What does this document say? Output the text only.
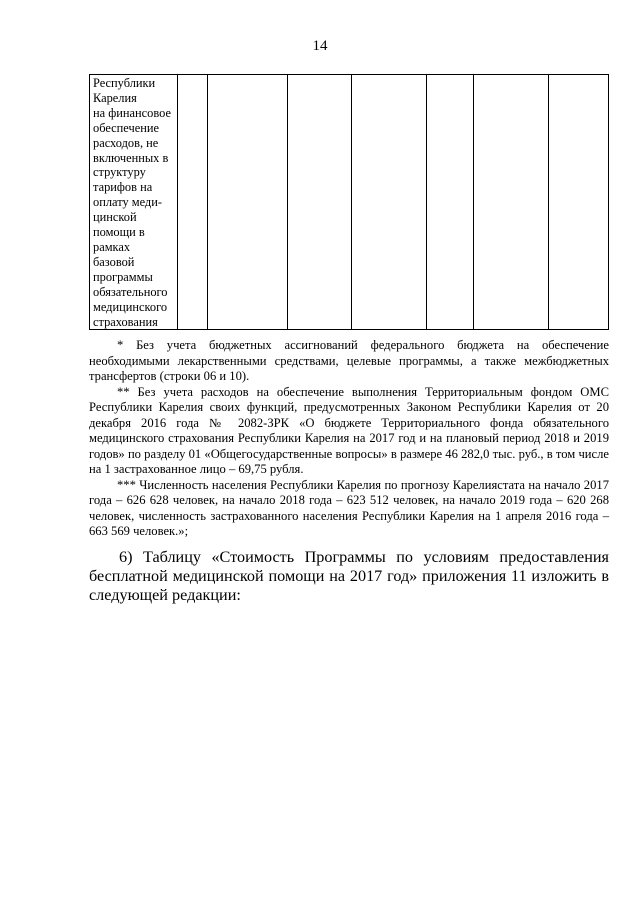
14
Республики
Карелия
на финансовое
обеспечение
расходов, не
включенных в
структуру
тарифов на
оплату меди-
цинской
помощи в
рамках
базовой
программы
обязательного
медицинского
страхования

* Без учета бюджетных ассигнований федерального бюджета на обеспечение необходимыми лекарственными средствами, целевые программы, а также межбюджетных трансфертов (строки 06 и 10).

** Без учета расходов на обеспечение выполнения Территориальным фондом ОМС Республики Карелия своих функций, предусмотренных Законом Республики Карелия от 20 декабря 2016 года № 2082-ЗРК «О бюджете Территориального фонда обязательного медицинского страхования Республики Карелия на 2017 год и на плановый период 2018 и 2019 годов» по разделу 01 «Общегосударственные вопросы» в размере 46 282,0 тыс. руб., в том числе на 1 застрахованное лицо – 69,75 рубля.

*** Численность населения Республики Карелия по прогнозу Карелиястата на начало 2017 года – 626 628 человек, на начало 2018 года – 623 512 человек, на начало 2019 года – 620 268 человек, численность застрахованного населения Республики Карелия на 1 апреля 2016 года – 663 569 человек.»;

6) Таблицу «Стоимость Программы по условиям предоставления бесплатной медицинской помощи на 2017 год» приложения 11 изложить в следующей редакции:
